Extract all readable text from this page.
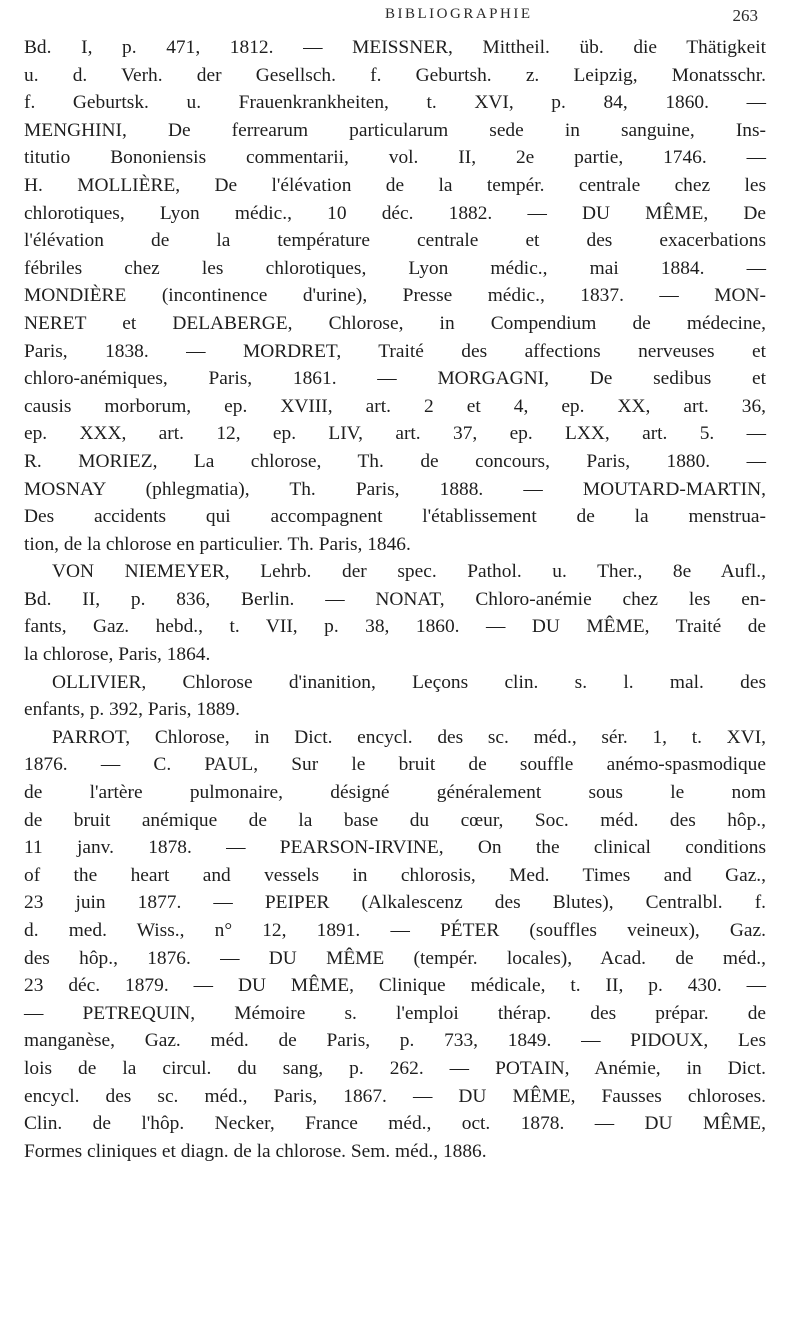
BIBLIOGRAPHIE	263
Bd. I, p. 471, 1812. — MEISSNER, Mittheil. üb. die Thätigkeit
u. d. Verh. der Gesellsch. f. Geburtsh. z. Leipzig, Monatsschr.
f. Geburtsk. u. Frauenkrankheiten, t. XVI, p. 84, 1860. —
MENGHINI, De ferrearum particularum sede in sanguine, Ins-
titutio Bononiensis commentarii, vol. II, 2e partie, 1746. —
H. MOLLIÈRE, De l'élévation de la tempér. centrale chez les
chlorotiques, Lyon médic., 10 déc. 1882. — DU MÊME, De
l'élévation de la température centrale et des exacerbations
fébriles chez les chlorotiques, Lyon médic., mai 1884. —
MONDIÈRE (incontinence d'urine), Presse médic., 1837. — MON-
NERET et DELABERGE, Chlorose, in Compendium de médecine,
Paris, 1838. — MORDRET, Traité des affections nerveuses et
chloro-anémiques, Paris, 1861. — MORGAGNI, De sedibus et
causis morborum, ep. XVIII, art. 2 et 4, ep. XX, art. 36,
ep. XXX, art. 12, ep. LIV, art. 37, ep. LXX, art. 5. —
R. MORIEZ, La chlorose, Th. de concours, Paris, 1880. —
MOSNAY (phlegmatia), Th. Paris, 1888. — MOUTARD-MARTIN,
Des accidents qui accompagnent l'établissement de la menstrua-
tion, de la chlorose en particulier. Th. Paris, 1846.
VON NIEMEYER, Lehrb. der spec. Pathol. u. Ther., 8e Aufl.,
Bd. II, p. 836, Berlin. — NONAT, Chloro-anémie chez les en-
fants, Gaz. hebd., t. VII, p. 38, 1860. — DU MÊME, Traité de
la chlorose, Paris, 1864.
OLLIVIER, Chlorose d'inanition, Leçons clin. s. l. mal. des
enfants, p. 392, Paris, 1889.
PARROT, Chlorose, in Dict. encycl. des sc. méd., sér. 1, t. XVI,
1876. — C. PAUL, Sur le bruit de souffle anémo-spasmodique
de l'artère pulmonaire, désigné généralement sous le nom
de bruit anémique de la base du cœur, Soc. méd. des hôp.,
11 janv. 1878. — PEARSON-IRVINE, On the clinical conditions
of the heart and vessels in chlorosis, Med. Times and Gaz.,
23 juin 1877. — PEIPER (Alkalescenz des Blutes), Centralbl. f.
d. med. Wiss., n° 12, 1891. — PÉTER (souffles veineux), Gaz.
des hôp., 1876. — DU MÊME (tempér. locales), Acad. de méd.,
23 déc. 1879. — DU MÊME, Clinique médicale, t. II, p. 430. —
— PETREQUIN, Mémoire s. l'emploi thérap. des prépar. de
manganèse, Gaz. méd. de Paris, p. 733, 1849. — PIDOUX, Les
lois de la circul. du sang, p. 262. — POTAIN, Anémie, in Dict.
encycl. des sc. méd., Paris, 1867. — DU MÊME, Fausses chloroses.
Clin. de l'hôp. Necker, France méd., oct. 1878. — DU MÊME,
Formes cliniques et diagn. de la chlorose. Sem. méd., 1886.
